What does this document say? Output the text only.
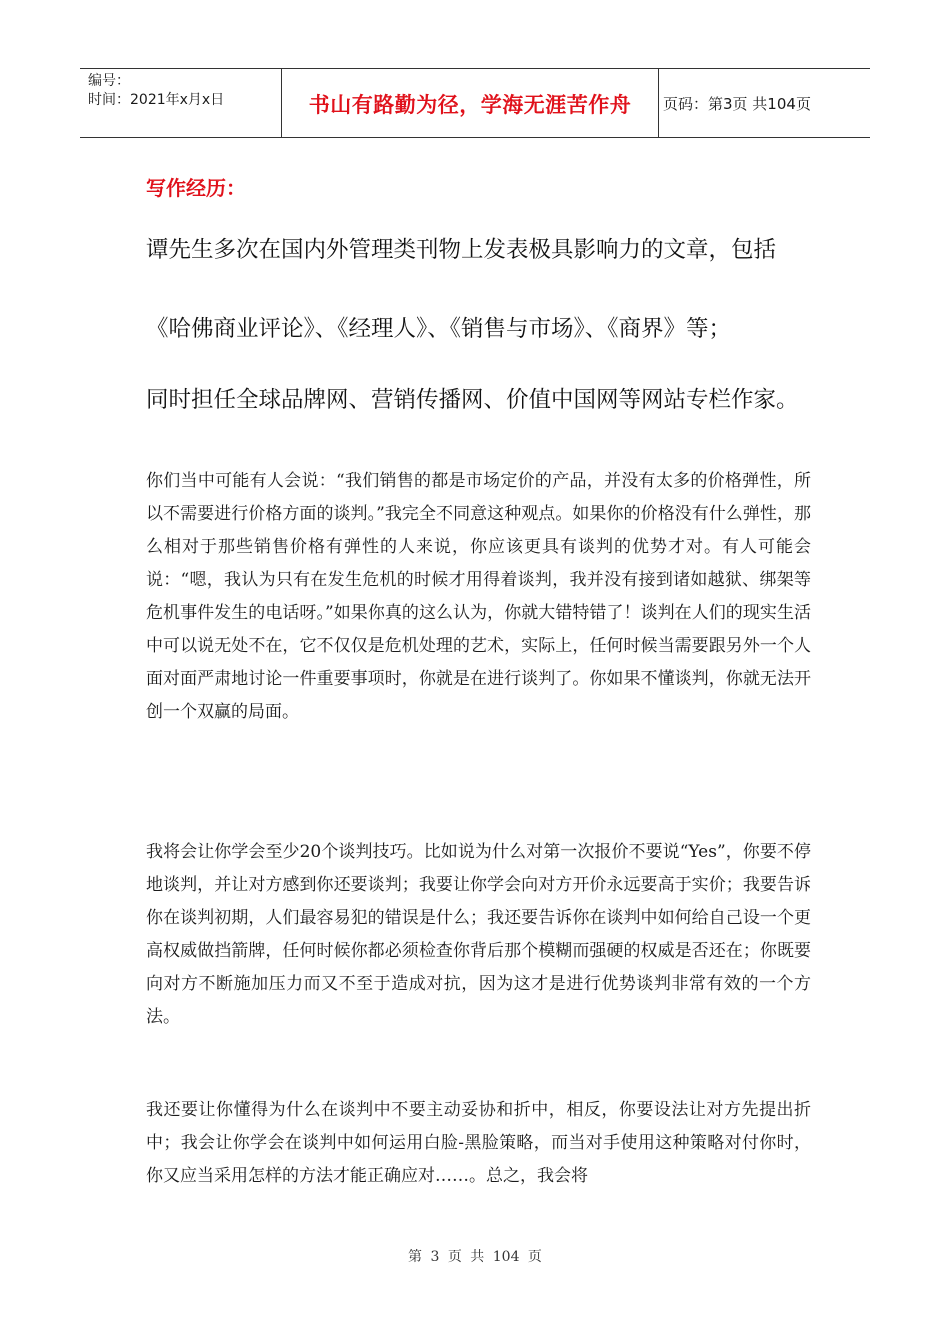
编号：
时间：2021年x月x日	书山有路勤为径，学海无涯苦作舟	页码：第3页 共104页
写作经历：
谭先生多次在国内外管理类刊物上发表极具影响力的文章，包括
《哈佛商业评论》、《经理人》、《销售与市场》、《商界》等；
同时担任全球品牌网、营销传播网、价值中国网等网站专栏作家。
你们当中可能有人会说：“我们销售的都是市场定价的产品，并没有太多的价格弹性，所以不需要进行价格方面的谈判。”我完全不同意这种观点。如果你的价格没有什么弹性，那么相对于那些销售价格有弹性的人来说，你应该更具有谈判的优势才对。有人可能会说：“嗯，我认为只有在发生危机的时候才用得着谈判，我并没有接到诸如越狱、绑架等危机事件发生的电话呀。”如果你真的这么认为，你就大错特错了！谈判在人们的现实生活中可以说无处不在，它不仅仅是危机处理的艺术，实际上，任何时候当需要跟另外一个人面对面严肃地讨论一件重要事项时，你就是在进行谈判了。你如果不懂谈判，你就无法开创一个双赢的局面。
我将会让你学会至少20个谈判技巧。比如说为什么对第一次报价不要说“Yes”，你要不停地谈判，并让对方感到你还要谈判；我要让你学会向对方开价永远要高于实价；我要告诉你在谈判初期，人们最容易犯的错误是什么；我还要告诉你在谈判中如何给自己设一个更高权威做挡箭牌，任何时候你都必须检查你背后那个模糊而强硬的权威是否还在；你既要向对方不断施加压力而又不至于造成对抗，因为这才是进行优势谈判非常有效的一个方法。
我还要让你懂得为什么在谈判中不要主动妥协和折中，相反，你要设法让对方先提出折中；我会让你学会在谈判中如何运用白脸-黑脸策略，而当对手使用这种策略对付你时，你又应当采用怎样的方法才能正确应对……。总之，我会将
第 3 页 共 104 页
